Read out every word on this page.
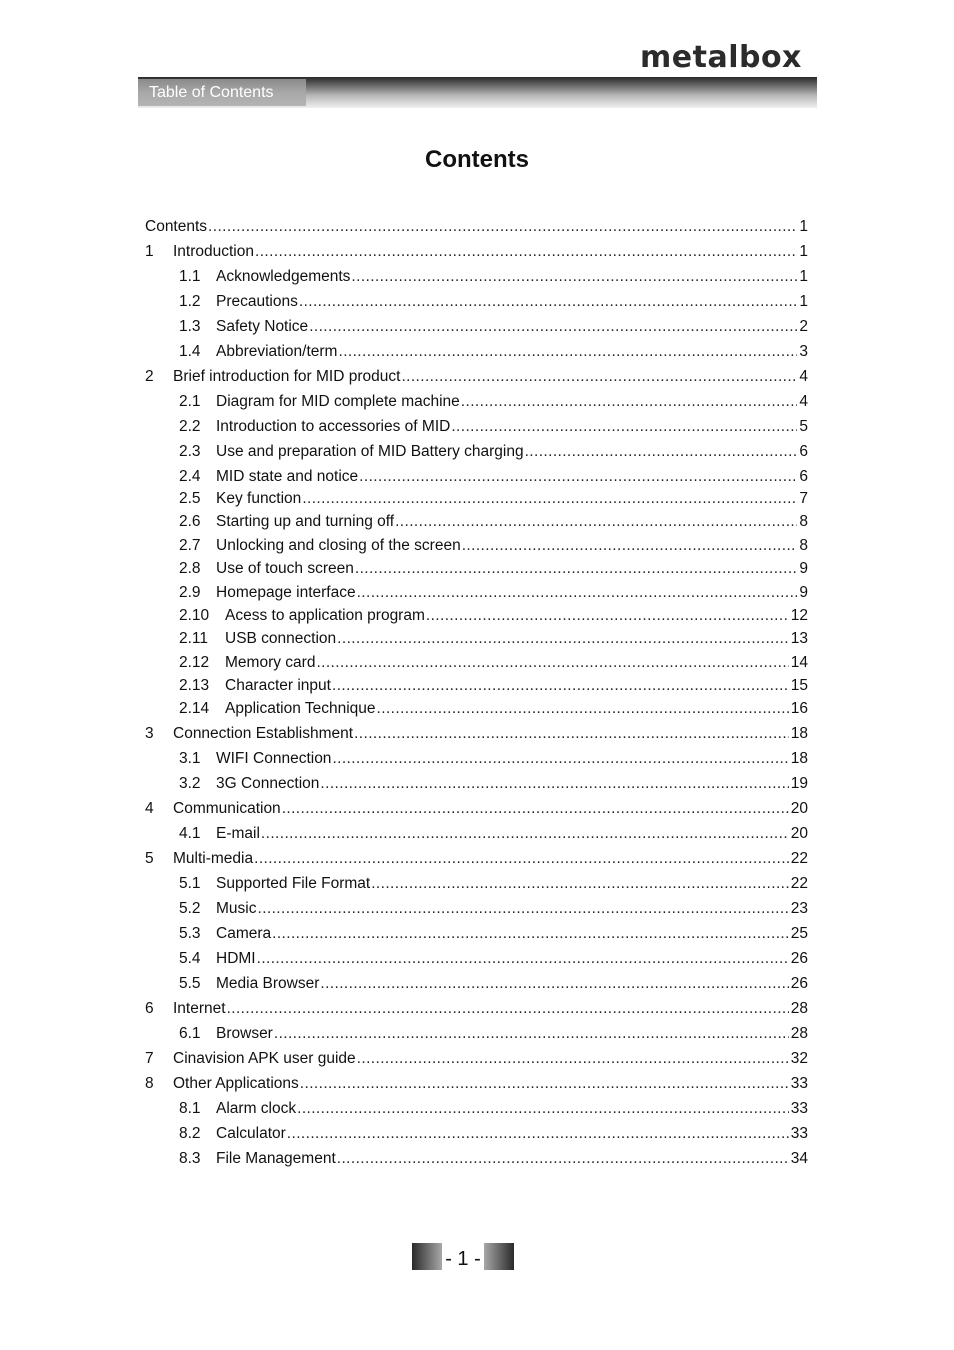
metalbox
Table of Contents
Contents
Contents .....	1
1	Introduction .....	1
1.1 Acknowledgements .....	1
1.2 Precautions .....	1
1.3 Safety Notice .....	2
1.4 Abbreviation/term .....	3
2	Brief introduction for MID product .....	4
2.1 Diagram for MID complete machine .....	4
2.2 Introduction to accessories of MID .....	5
2.3 Use and preparation of MID Battery charging .....	6
2.4 MID state and notice .....	6
2.5 Key function .....	7
2.6 Starting up and turning off .....	8
2.7 Unlocking and closing of the screen .....	8
2.8 Use of touch screen .....	9
2.9 Homepage interface .....	9
2.10	Acess to application program .....	12
2.11	USB connection .....	13
2.12	Memory card .....	14
2.13	Character input .....	15
2.14	Application Technique .....	16
3	Connection Establishment .....	18
3.1 WIFI Connection .....	18
3.2 3G Connection .....	19
4	Communication .....	20
4.1 E-mail .....	20
5	Multi-media .....	22
5.1 Supported File Format .....	22
5.2 Music .....	23
5.3 Camera .....	25
5.4 HDMI .....	26
5.5 Media Browser .....	26
6	Internet .....	28
6.1 Browser .....	28
7	Cinavision APK user guide .....	32
8	Other Applications .....	33
8.1 Alarm clock .....	33
8.2 Calculator .....	33
8.3 File Management .....	34
- 1 -
